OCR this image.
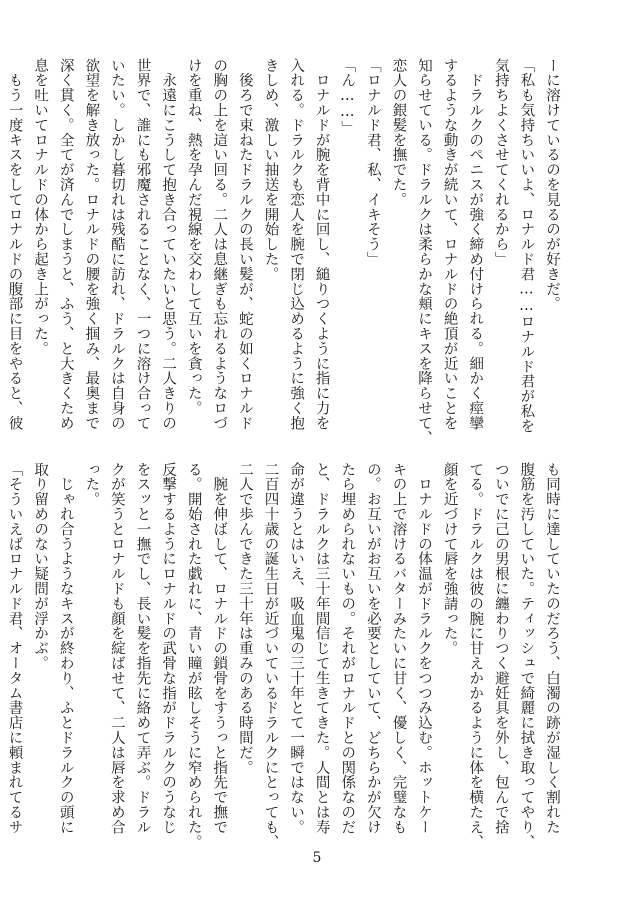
ーに溶けているのを見るのが好きだ。
「私も気持ちいいよ、ロナルド君……ロナルド君が私を
気持ちよくさせてくれるから」
　ドラルクのペニスが強く締め付けられる。細かく痙攣
するような動きが続いて、ロナルドの絶頂が近いことを
知らせている。ドラルクは柔らかな頬にキスを降らせて、
恋人の銀髪を撫でた。
「ロナルド君、私、イキそう」
「ん……」
　ロナルドが腕を背中に回し、縋りつくように指に力を
入れる。ドラルクも恋人を腕で閉じ込めるように強く抱
きしめ、激しい抽送を開始した。
　後ろで束ねたドラルクの長い髪が、蛇の如くロナルド
の胸の上を這い回る。二人は息継ぎも忘れるようなロづ
けを重ね、熱を孕んだ視線を交わして互いを貪った。
　永遠にこうして抱き合っていたいと思う。二人きりの
世界で、誰にも邪魔されることなく、一つに溶け合って
いたい。しかし暮切れは残酷に訪れ、ドラルクは自身の
欲望を解き放った。ロナルドの腰を強く掴み、最奥まで
深く貫く。全てが済んでしまうと、ふう、と大きくため
息を吐いてロナルドの体から起き上がった。
　もう一度キスをしてロナルドの腹部に目をやると、彼
も同時に達していたのだろう、白濁の跡が湿しく割れた
腹筋を汚していた。ティッシュで綺麗に拭き取ってやり、
ついでに己の男根に纏わりつく避妊具を外し、包んで捨
てる。ドラルクは彼の腕に甘えかかるように体を横たえ、
顔を近づけて唇を強請った。
　ロナルドの体温がドラルクをつつみ込む。ホットケー
キの上で溶けるバターみたいに甘く、優しく、完璧なも
の。お互いがお互いを必要としていて、どちらかが欠け
たら埋められないもの。それがロナルドとの関係なのだ
と、ドラルクは三十年間信じて生きてきた。人間とは寿
命が違うとはいえ、吸血鬼の三十年とて一瞬ではない。
二百四十歳の誕生日が近づいているドラルクにとっても、
二人で歩んできた三十年は重みのある時間だ。
　腕を伸ばして、ロナルドの鎖骨をすうっと指先で撫で
る。開始された戯れに、青い瞳が眩しそうに窄められた。
反撃するようにロナルドの武骨な指がドラルクのうなじ
をスッと一撫でし、長い髪を指先に絡めて弄ぶ。ドラル
クが笑うとロナルドも顔を綻ばせて、二人は唇を求め合
った。
　じゃれ合うようなキスが終わり、ふとドラルクの頭に
取り留めのない疑問が浮かぶ。
「そういえばロナルド君、オータム書店に頼まれてるサ
5
